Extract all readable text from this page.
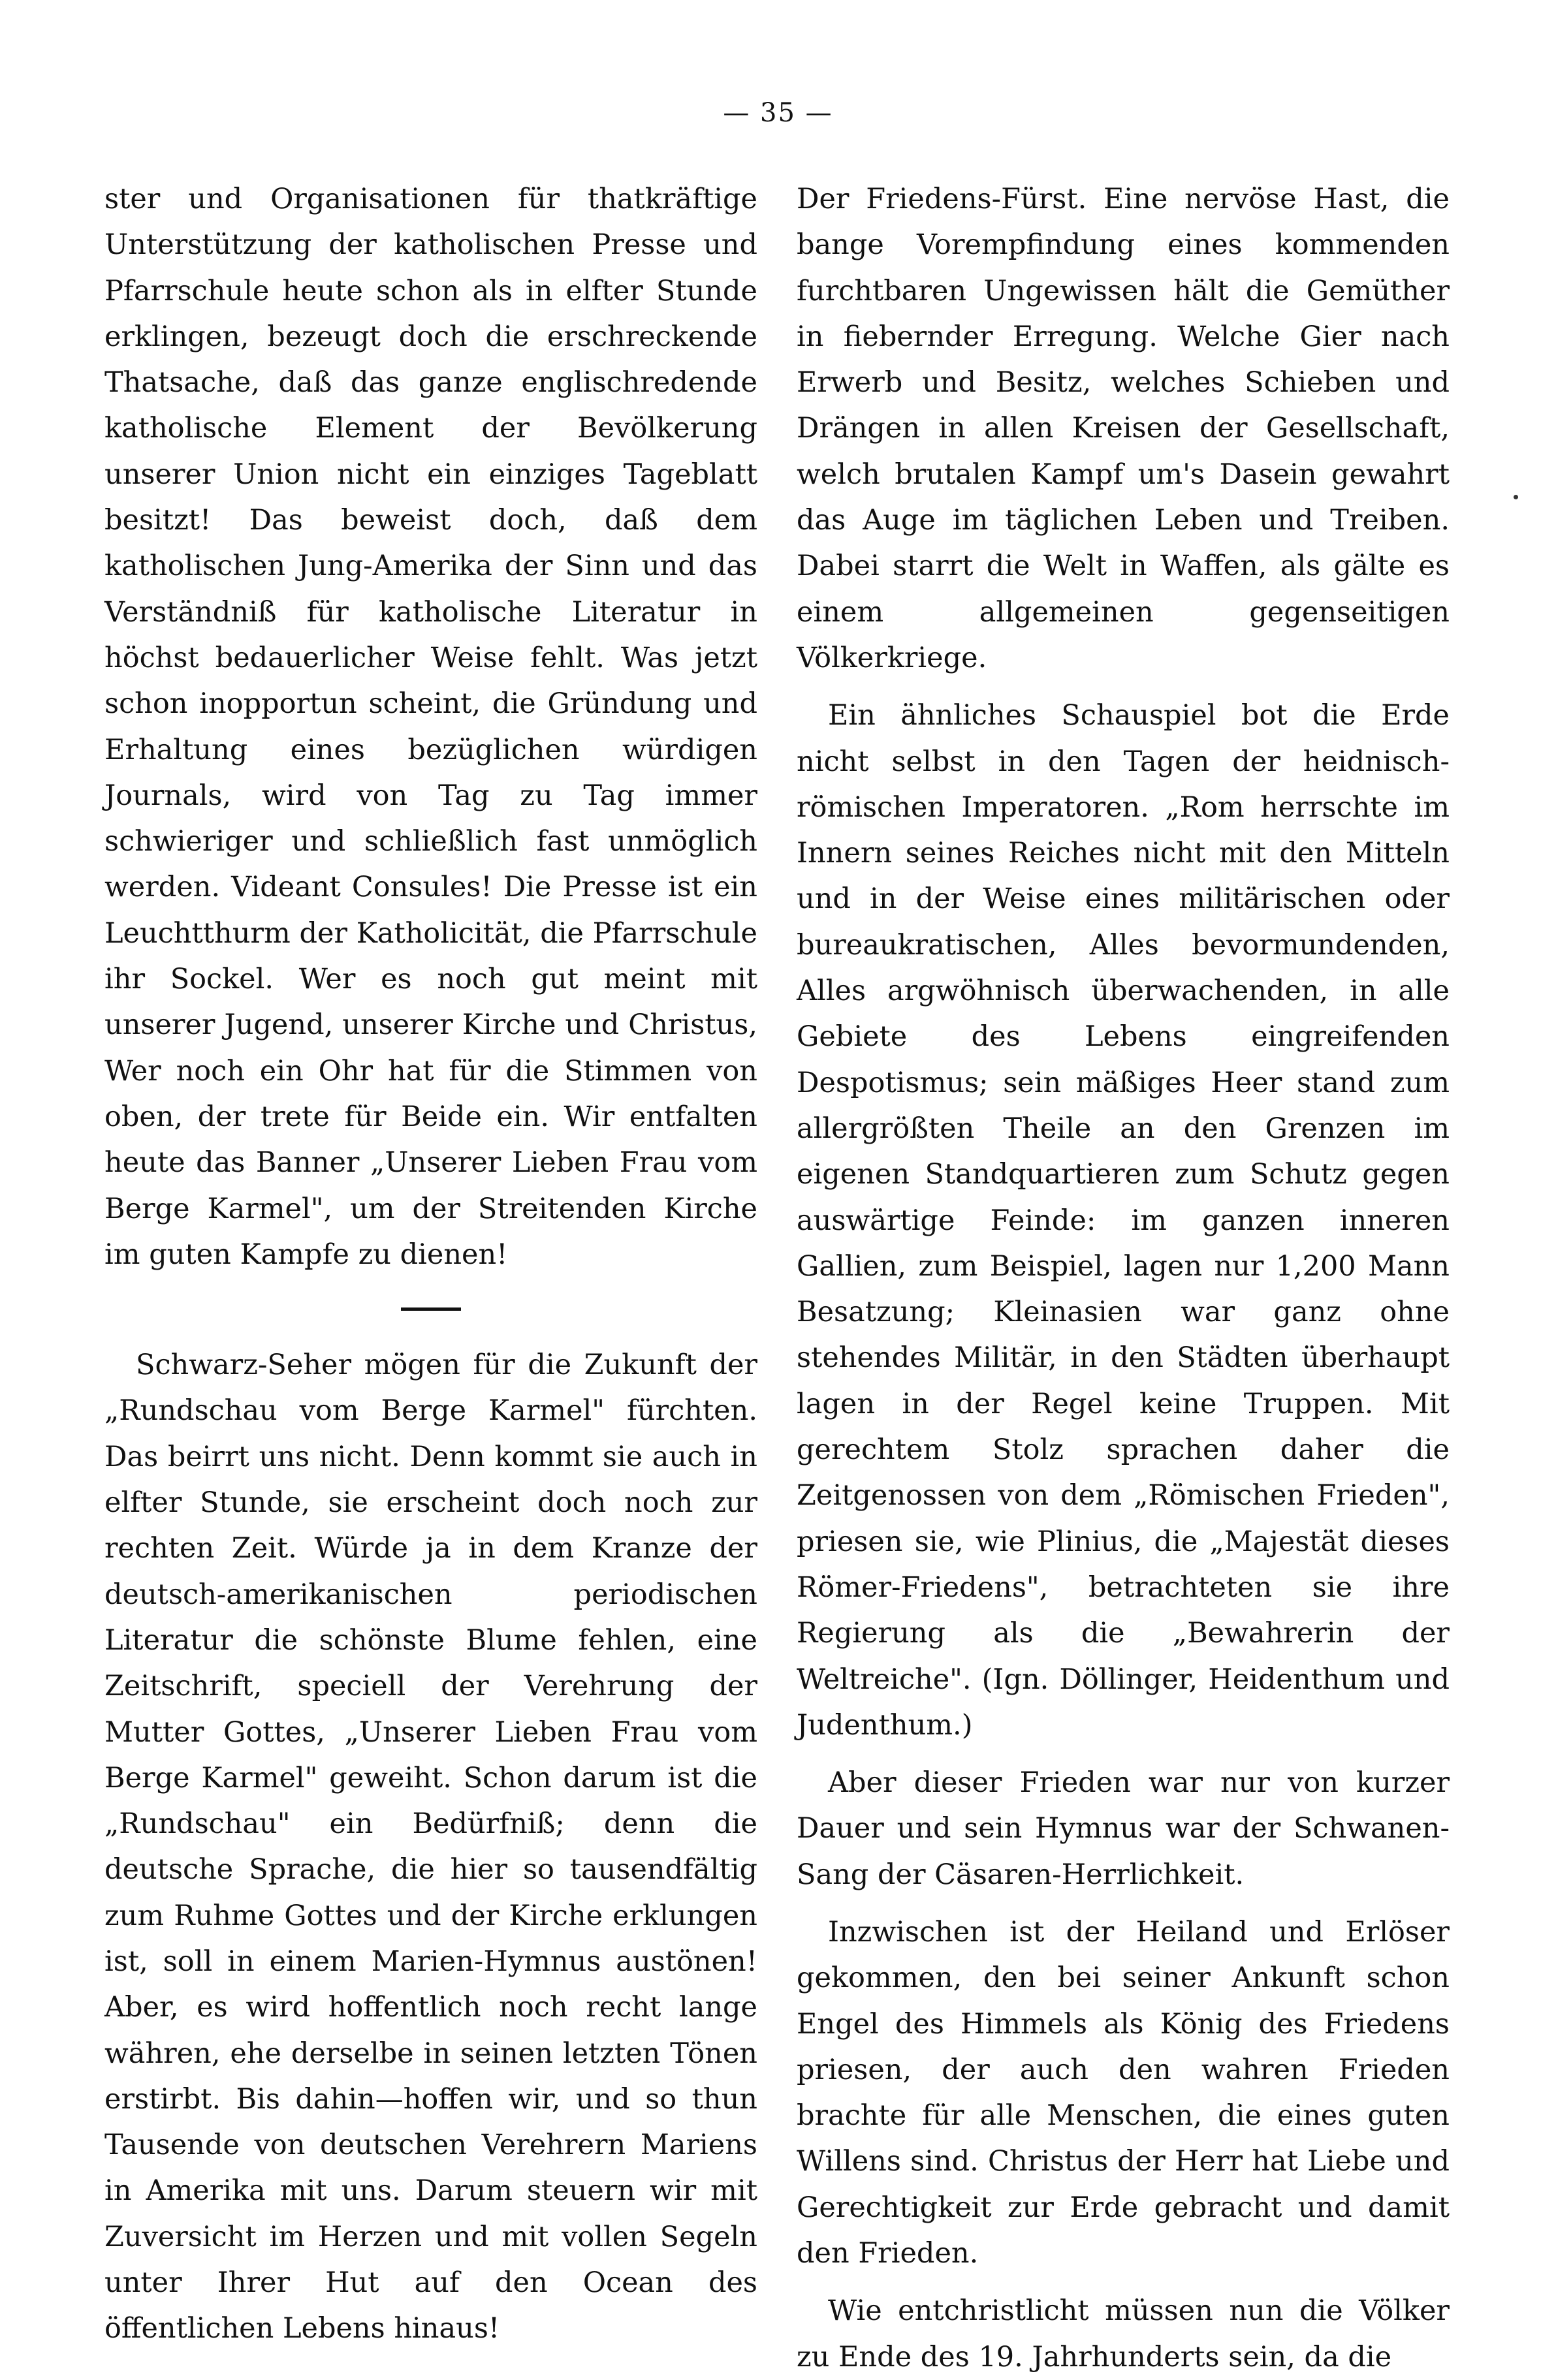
— 35 —

ster und Organisationen für thatkräftige Unterstützung der katholischen Presse und Pfarrschule heute schon als in elfter Stunde erklingen, bezeugt doch die erschreckende Thatsache, daß das ganze englischredende katholische Element der Bevölkerung unserer Union nicht ein einziges Tageblatt besitzt! Das beweist doch, daß dem katholischen Jung-Amerika der Sinn und das Verständniß für katholische Literatur in höchst bedauerlicher Weise fehlt. Was jetzt schon inopportun scheint, die Gründung und Erhaltung eines bezüglichen würdigen Journals, wird von Tag zu Tag immer schwieriger und schließlich fast unmöglich werden. Videant Consules! Die Presse ist ein Leuchtthurm der Katholicität, die Pfarrschule ihr Sockel. Wer es noch gut meint mit unserer Jugend, unserer Kirche und Christus, Wer noch ein Ohr hat für die Stimmen von oben, der trete für Beide ein. Wir entfalten heute das Banner „Unserer Lieben Frau vom Berge Karmel", um der Streitenden Kirche im guten Kampfe zu dienen!

Schwarz-Seher mögen für die Zukunft der „Rundschau vom Berge Karmel" fürchten. Das beirrt uns nicht. Denn kommt sie auch in elfter Stunde, sie erscheint doch noch zur rechten Zeit. Würde ja in dem Kranze der deutsch-amerikanischen periodischen Literatur die schönste Blume fehlen, eine Zeitschrift, speciell der Verehrung der Mutter Gottes, „Unserer Lieben Frau vom Berge Karmel" geweiht. Schon darum ist die „Rundschau" ein Bedürfniß; denn die deutsche Sprache, die hier so tausendfältig zum Ruhme Gottes und der Kirche erklungen ist, soll in einem Marien-Hymnus austönen! Aber, es wird hoffentlich noch recht lange währen, ehe derselbe in seinen letzten Tönen erstirbt. Bis dahin—hoffen wir, und so thun Tausende von deutschen Verehrern Mariens in Amerika mit uns. Darum steuern wir mit Zuversicht im Herzen und mit vollen Segeln unter Ihrer Hut auf den Ocean des öffentlichen Lebens hinaus!

Der Friedens-Fürst. Eine nervöse Hast, die bange Vorempfindung eines kommenden furchtbaren Ungewissen hält die Gemüther in fiebernder Erregung. Welche Gier nach Erwerb und Besitz, welches Schieben und Drängen in allen Kreisen der Gesellschaft, welch brutalen Kampf um's Dasein gewahrt das Auge im täglichen Leben und Treiben. Dabei starrt die Welt in Waffen, als gälte es einem allgemeinen gegenseitigen Völkerkriege.

Ein ähnliches Schauspiel bot die Erde nicht selbst in den Tagen der heidnisch-römischen Imperatoren. „Rom herrschte im Innern seines Reiches nicht mit den Mitteln und in der Weise eines militärischen oder bureaukratischen, Alles bevormundenden, Alles argwöhnisch überwachenden, in alle Gebiete des Lebens eingreifenden Despotismus; sein mäßiges Heer stand zum allergrößten Theile an den Grenzen im eigenen Standquartieren zum Schutz gegen auswärtige Feinde: im ganzen inneren Gallien, zum Beispiel, lagen nur 1,200 Mann Besatzung; Kleinasien war ganz ohne stehendes Militär, in den Städten überhaupt lagen in der Regel keine Truppen. Mit gerechtem Stolz sprachen daher die Zeitgenossen von dem „Römischen Frieden", priesen sie, wie Plinius, die „Majestät dieses Römer-Friedens", betrachteten sie ihre Regierung als die „Bewahrerin der Weltreiche". (Ign. Döllinger, Heidenthum und Judenthum.)

Aber dieser Frieden war nur von kurzer Dauer und sein Hymnus war der Schwanen-Sang der Cäsaren-Herrlichkeit.

Inzwischen ist der Heiland und Erlöser gekommen, den bei seiner Ankunft schon Engel des Himmels als König des Friedens priesen, der auch den wahren Frieden brachte für alle Menschen, die eines guten Willens sind. Christus der Herr hat Liebe und Gerechtigkeit zur Erde gebracht und damit den Frieden.

Wie entchristlicht müssen nun die Völker zu Ende des 19. Jahrhunderts sein, da die
